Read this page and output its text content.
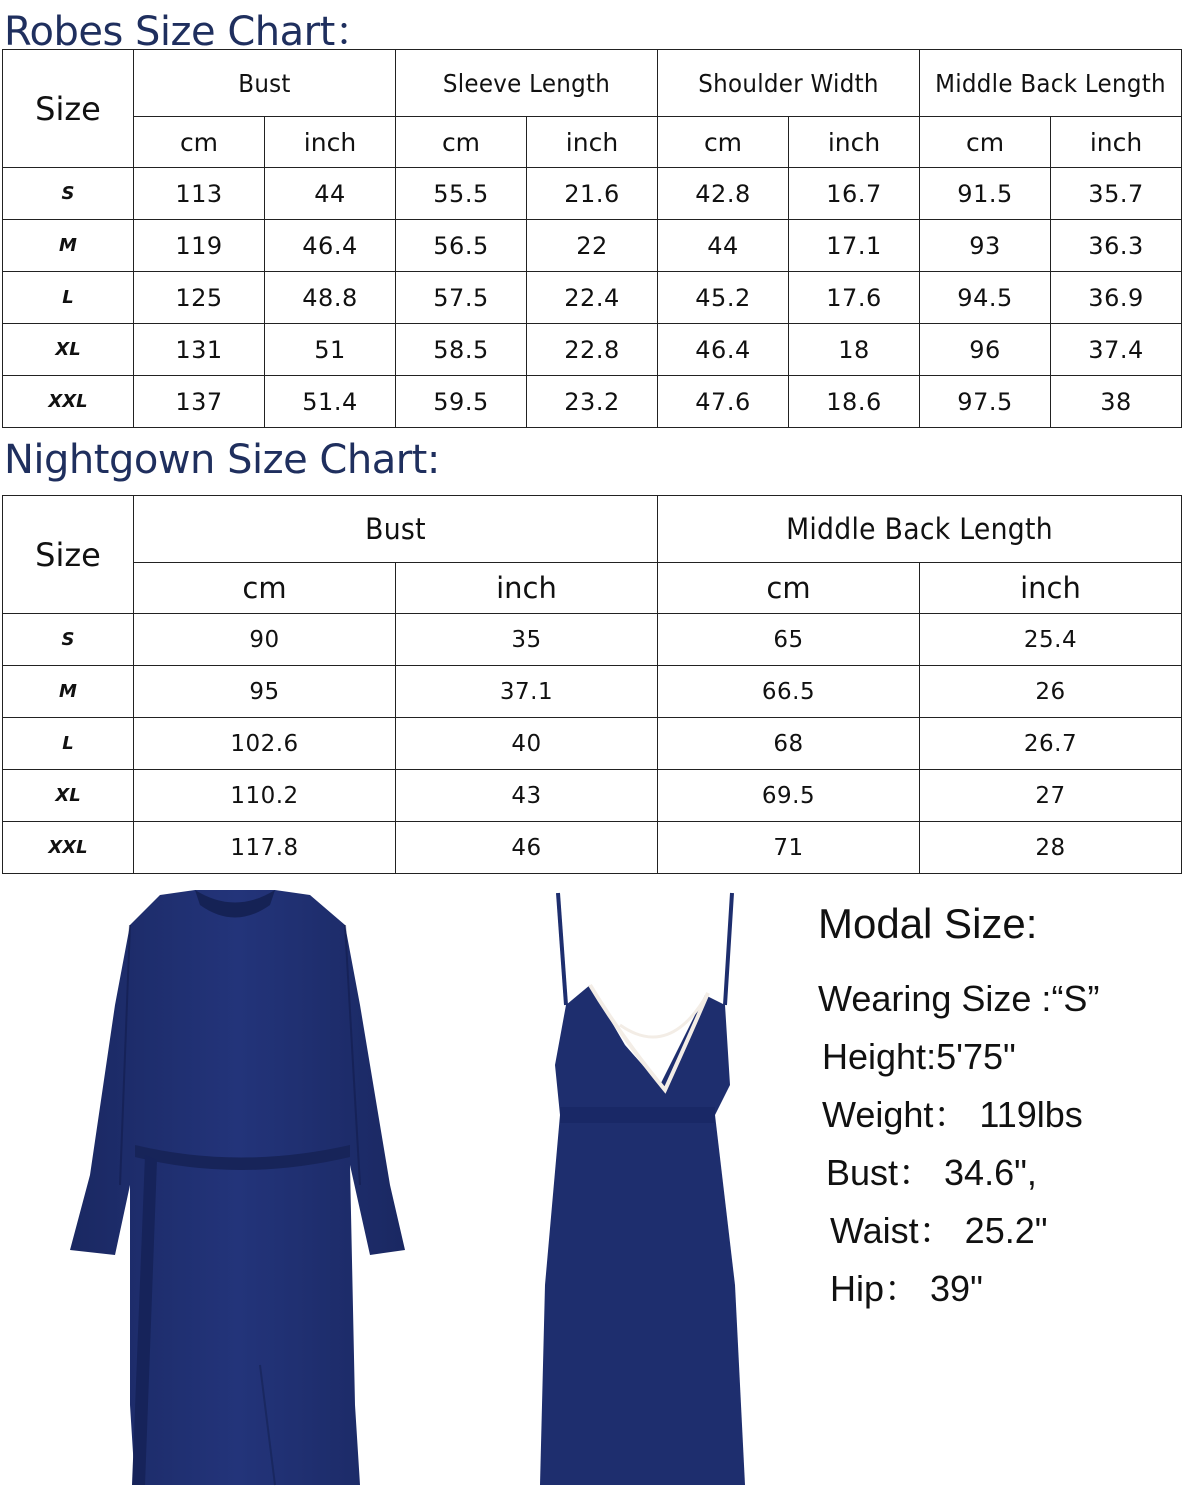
Robes Size Chart：
Size	Bust		Sleeve Length		Shoulder Width		Middle Back Length	

	cm	inch	cm	inch	cm	inch	cm	inch
S	113	44	55.5	21.6	42.8	16.7	91.5	35.7
M	119	46.4	56.5	22	44	17.1	93	36.3
L	125	48.8	57.5	22.4	45.2	17.6	94.5	36.9
XL	131	51	58.5	22.8	46.4	18	96	37.4
XXL	137	51.4	59.5	23.2	47.6	18.6	97.5	38
Nightgown Size Chart:
Size	Bust		Middle Back Length	

	cm	inch	cm	inch
S	90	35	65	25.4
M	95	37.1	66.5	26
L	102.6	40	68	26.7
XL	110.2	43	69.5	27
XXL	117.8	46	71	28
Modal Size:
Wearing Size :“S”
Height:5'75"
Weight： 119lbs
Bust： 34.6",
Waist： 25.2"
Hip： 39"
